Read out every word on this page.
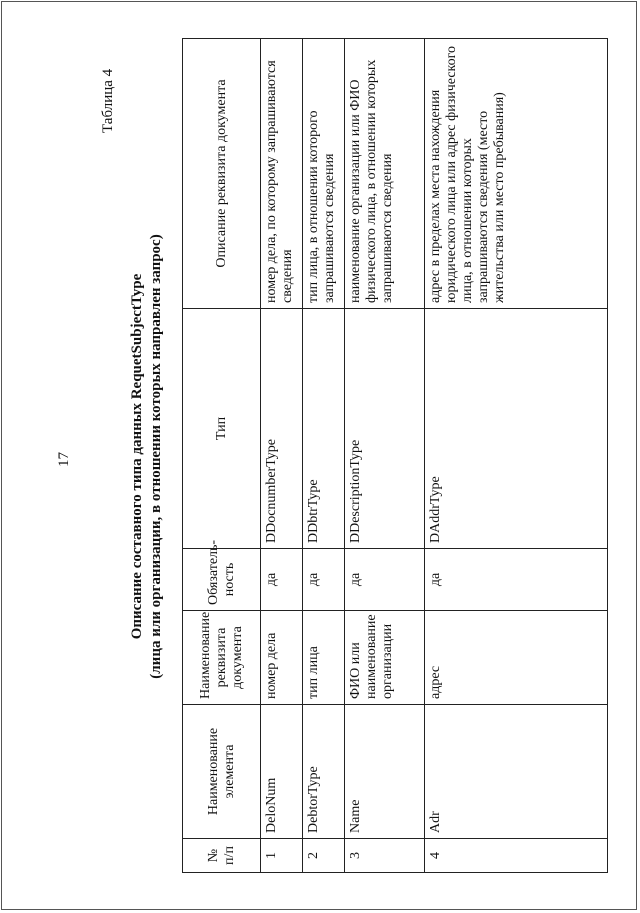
17
Таблица 4
Описание составного типа данных RequetSubjectType (лица или организации, в отношении которых направлен запрос)
№ п/п	Наименование элемента	Наименование реквизита документа	Обязатель-ность	Тип	Описание реквизита документа
1	DeloNum	номер дела	да	DDocnumberType	номер дела, по которому запрашиваются сведения
2	DebtorType	тип лица	да	DDbtrType	тип лица, в отношении которого запрашиваются сведения
3	Name	ФИО или наименование организации	да	DDescriptionType	наименование организации или ФИО физического лица, в отношении которых запрашиваются сведения
4	Adr	адрес	да	DAddrType	адрес в пределах места нахождения юридического лица или адрес физического лица, в отношении которых запрашиваются сведения (место жительства или место пребывания)
